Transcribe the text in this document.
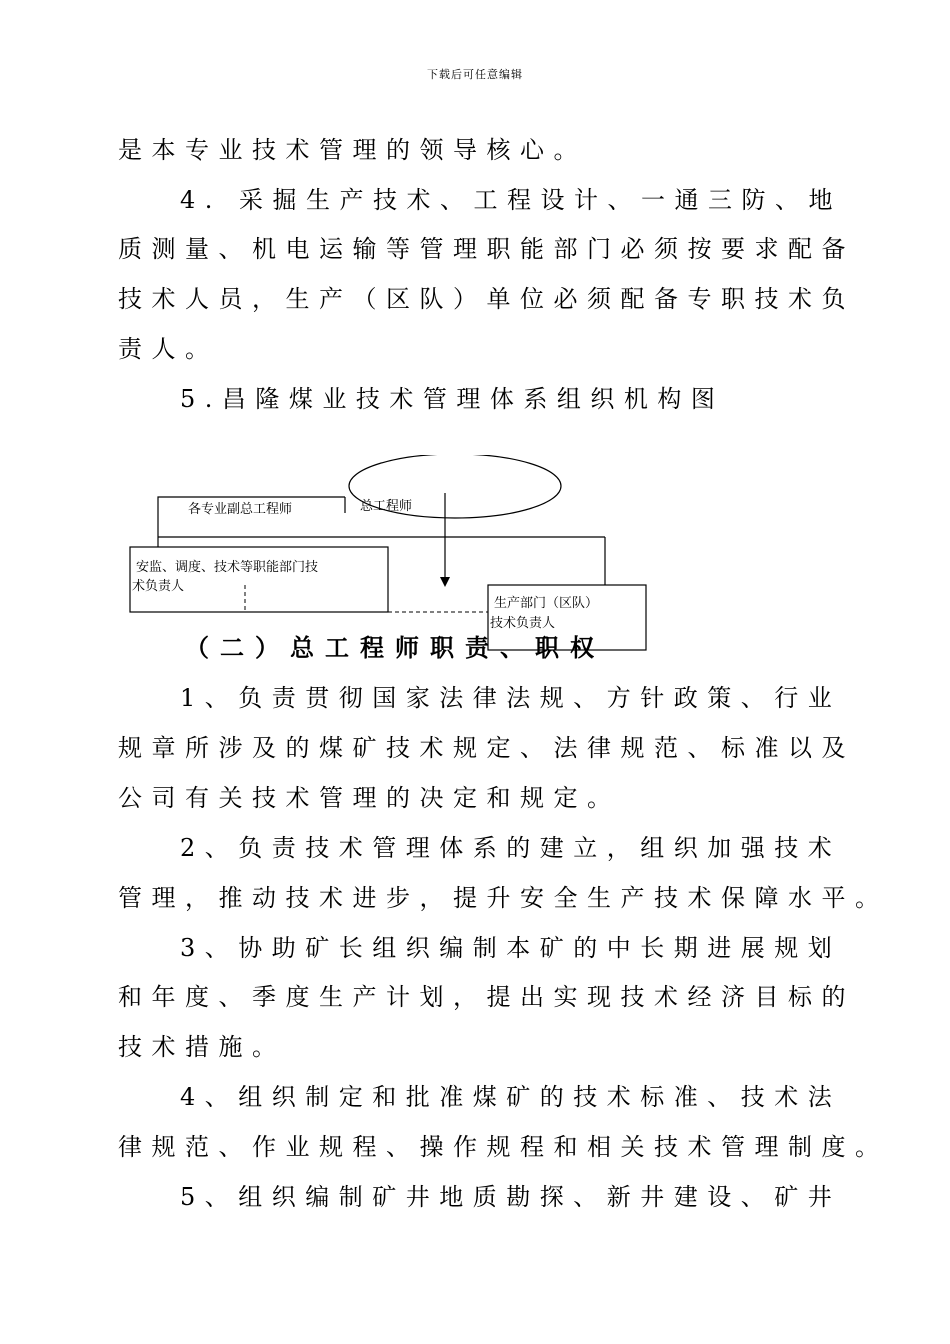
下载后可任意编辑
是本专业技术管理的领导核心。
4. 采掘生产技术、工程设计、一通三防、地
质测量、机电运输等管理职能部门必须按要求配备
技术人员，生产（区队）单位必须配备专职技术负
责人。
5.昌隆煤业技术管理体系组织机构图
总工程师
各专业副总工程师
安监、调度、技术等职能部门技
术负责人
生产部门（区队）
技术负责人
（二）总工程师职责、职权
1、负责贯彻国家法律法规、方针政策、行业
规章所涉及的煤矿技术规定、法律规范、标准以及
公司有关技术管理的决定和规定。
2、负责技术管理体系的建立，组织加强技术
管理，推动技术进步，提升安全生产技术保障水平。
3、协助矿长组织编制本矿的中长期进展规划
和年度、季度生产计划，提出实现技术经济目标的
技术措施。
4、组织制定和批准煤矿的技术标准、技术法
律规范、作业规程、操作规程和相关技术管理制度。
5、组织编制矿井地质勘探、新井建设、矿井
